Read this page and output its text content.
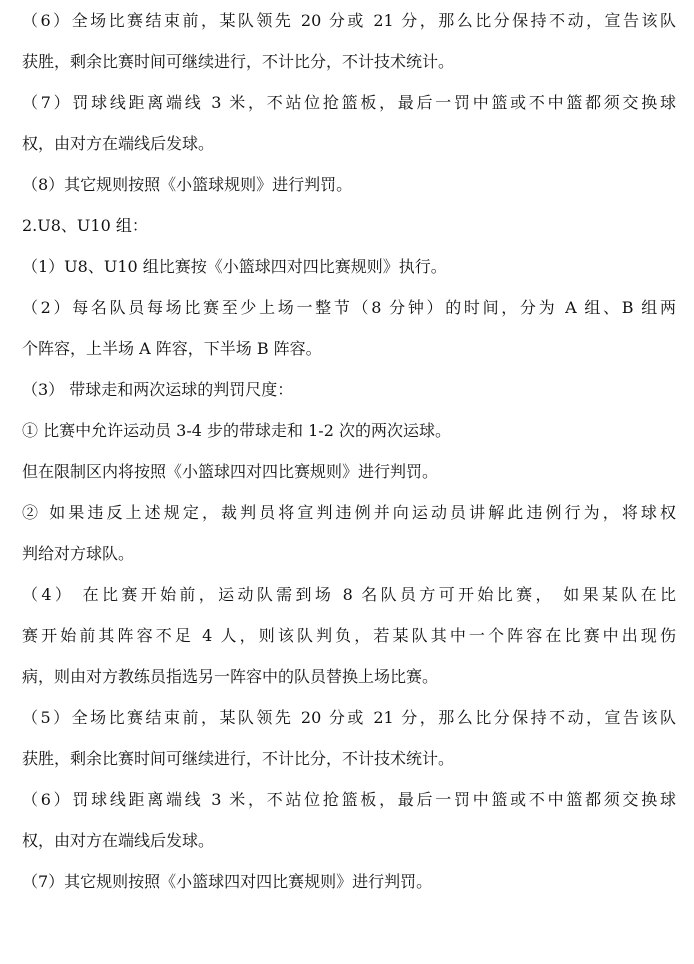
（6）全场比赛结束前，某队领先 20 分或 21 分，那么比分保持不动，宣告该队
获胜，剩余比赛时间可继续进行，不计比分，不计技术统计。
（7）罚球线距离端线 3 米，不站位抢篮板，最后一罚中篮或不中篮都须交换球
权，由对方在端线后发球。
（8）其它规则按照《小篮球规则》进行判罚。
2.U8、U10 组：
（1）U8、U10 组比赛按《小篮球四对四比赛规则》执行。
（2）每名队员每场比赛至少上场一整节（8 分钟）的时间，分为 A 组、B 组两
个阵容，上半场 A 阵容，下半场 B 阵容。
（3） 带球走和两次运球的判罚尺度：
① 比赛中允许运动员 3-4 步的带球走和 1-2 次的两次运球。
但在限制区内将按照《小篮球四对四比赛规则》进行判罚。
② 如果违反上述规定，裁判员将宣判违例并向运动员讲解此违例行为，将球权
判给对方球队。
（4） 在比赛开始前，运动队需到场 8 名队员方可开始比赛， 如果某队在比
赛开始前其阵容不足 4 人，则该队判负，若某队其中一个阵容在比赛中出现伤
病，则由对方教练员指选另一阵容中的队员替换上场比赛。
（5）全场比赛结束前，某队领先 20 分或 21 分，那么比分保持不动，宣告该队
获胜，剩余比赛时间可继续进行，不计比分，不计技术统计。
（6）罚球线距离端线 3 米，不站位抢篮板，最后一罚中篮或不中篮都须交换球
权，由对方在端线后发球。
（7）其它规则按照《小篮球四对四比赛规则》进行判罚。
